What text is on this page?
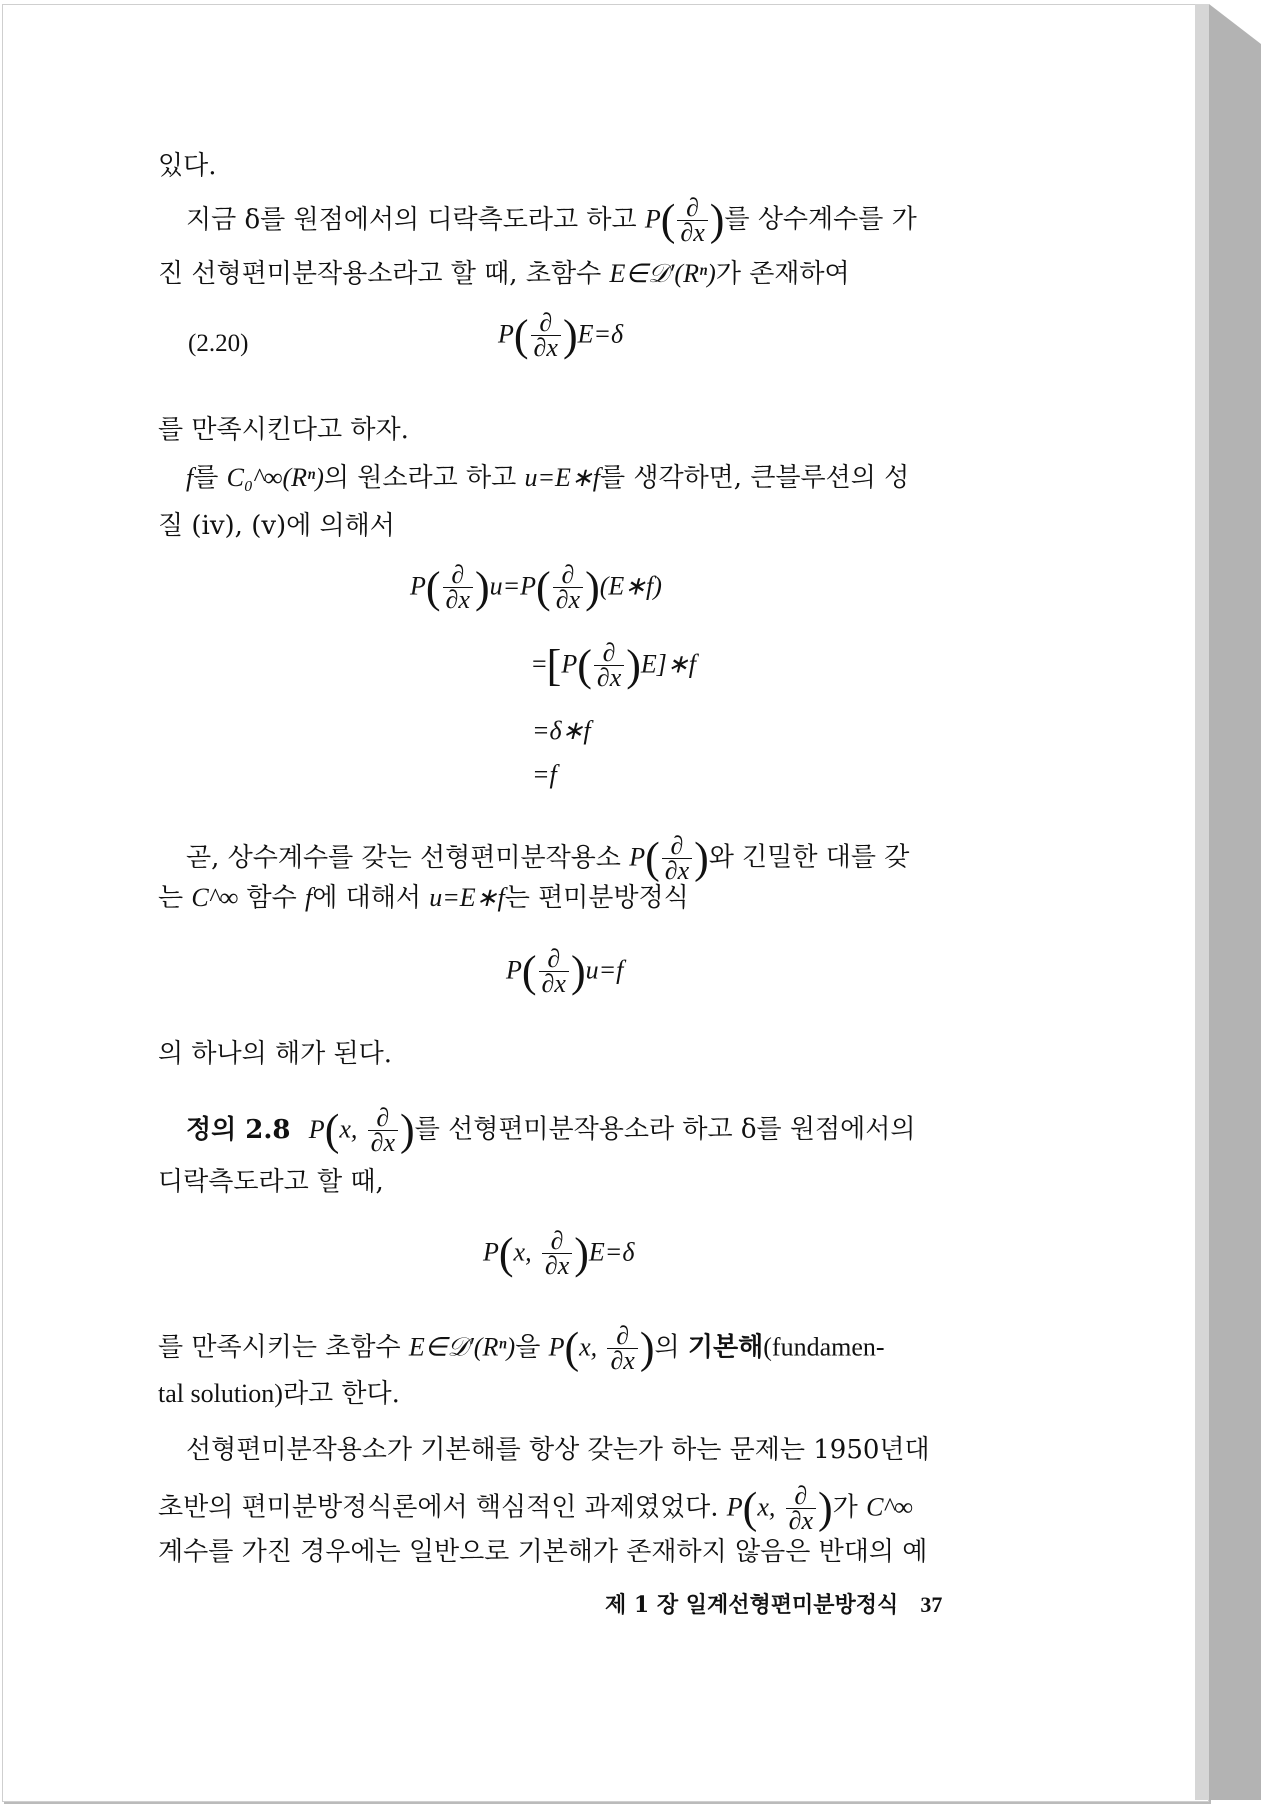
있다.
지금 δ를 원점에서의 디락측도라고 하고 $P( \frac{\partial}{\partial x}$ )를 상수계수를 가
진 선형편미분작용소라고 할 때, 초함수 E∈𝒟′(Rⁿ)가 존재하여
(2.20)	$P( \frac{\partial}{\partial x} )E=\delta$
를 만족시킨다고 하자.
f를 C₀^∞(Rⁿ)의 원소라고 하고 u=E∗f를 생각하면, 큰블루션의 성
질 (iv), (v)에 의해서
$P( \frac{\partial}{\partial x} )u=P( \frac{\partial}{\partial x}$ )(E∗f)
$=[P( \frac{\partial}{\partial x}$ )E]∗f
=δ∗f
=f
곧, 상수계수를 갖는 선형편미분작용소 $P( \frac{\partial}{\partial x}$ )와 긴밀한 대를 갖
는 C^∞ 함수 f에 대해서 u=E∗f는 편미분방정식
$P( \frac{\partial}{\partial x} )u=f$
의 하나의 해가 된다.
정의 2.8 P(x, $\frac{\partial}{\partial x}$ )를 선형편미분작용소라 하고 δ를 원점에서의
디락측도라고 할 때,
P(x, $\frac{\partial}{\partial x} )E=\delta$
를 만족시키는 초함수 E∈𝒟′(Rⁿ)을 P(x, $\frac{\partial}{\partial x}$ )의 기본해(fundamen-
tal solution)라고 한다.
선형편미분작용소가 기본해를 항상 갖는가 하는 문제는 1950년대
초반의 편미분방정식론에서 핵심적인 과제였었다. P(x, $\frac{\partial}{\partial x}$ )가 C^∞
계수를 가진 경우에는 일반으로 기본해가 존재하지 않음은 반대의 예
제 1 장 일계선형편미분방정식 37
